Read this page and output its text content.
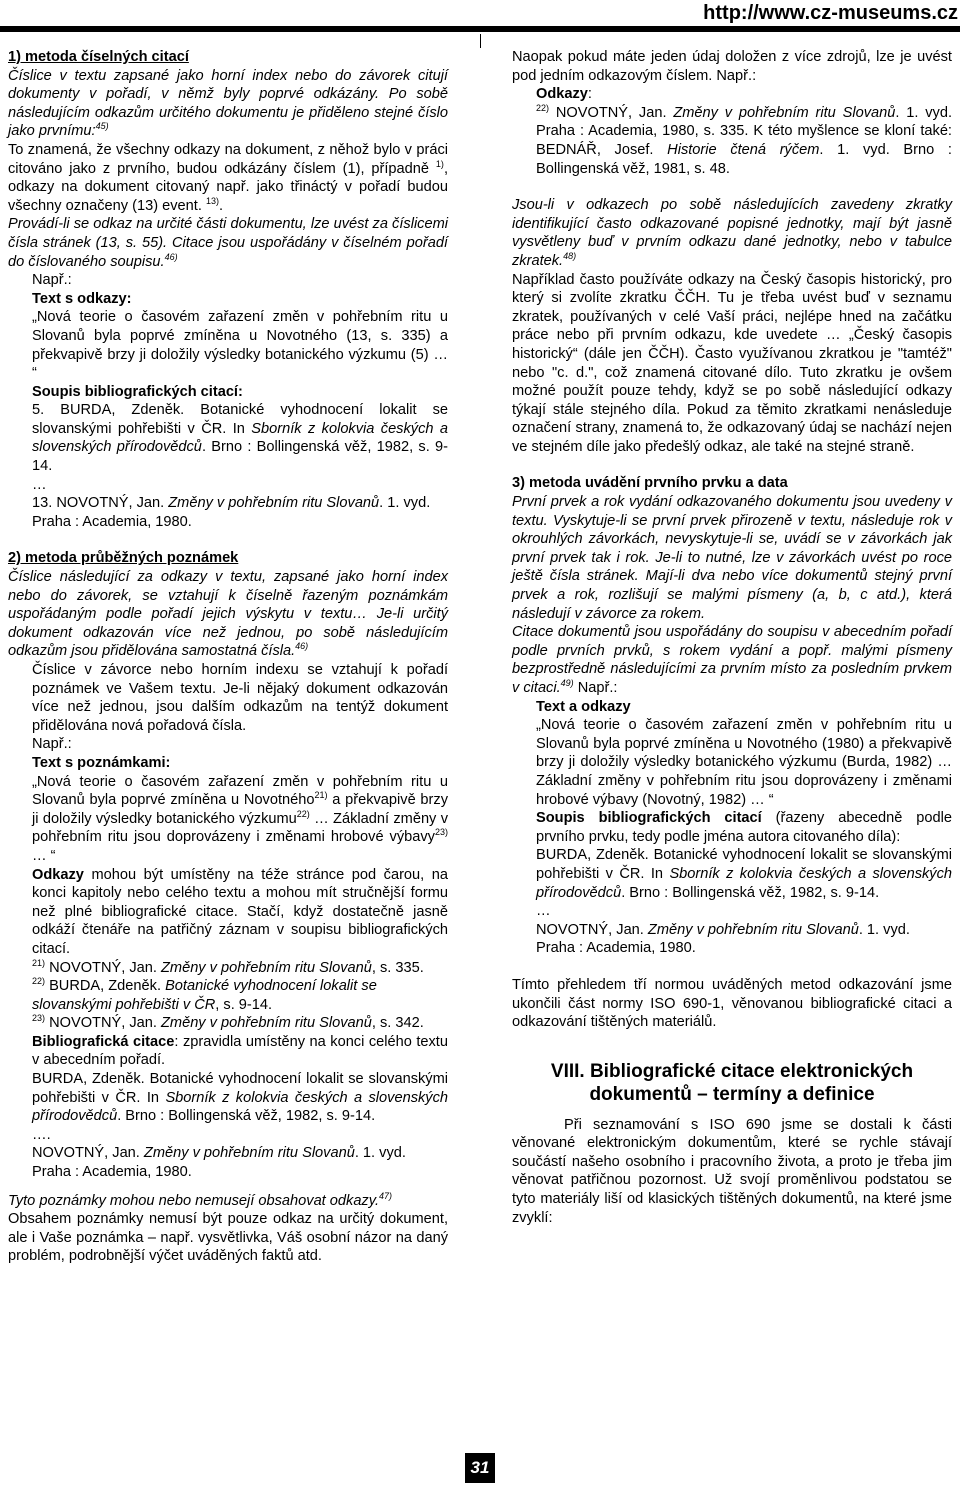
http://www.cz-museums.cz

1) metoda číselných citací

Číslice v textu zapsané jako horní index nebo do závorek citují dokumenty v pořadí, v němž byly poprvé odkázány. Po sobě následujícím odkazům určitého dokumentu je přiděleno stejné číslo jako prvnímu:$^{45)}$

To znamená, že všechny odkazy na dokument, z něhož bylo v práci citováno jako z prvního, budou odkázány číslem (1), případně $^{1)}$, odkazy na dokument citovaný např. jako třináctý v pořadí budou všechny označeny (13) event. $^{13)}$.

Provádí-li se odkaz na určité části dokumentu, lze uvést za číslicemi čísla stránek (13, s. 55). Citace jsou uspořádány v číselném pořadí do číslovaného soupisu.$^{46)}$

Např.:

Text s odkazy:

„Nová teorie o časovém zařazení změn v pohřebním ritu u Slovanů byla poprvé zmíněna u Novotného (13, s. 335) a překvapivě brzy ji doložily výsledky botanického výzkumu (5) … “

Soupis bibliografických citací:

5. BURDA, Zdeněk. Botanické vyhodnocení lokalit se slovanskými pohřebišti v ČR. In Sborník z kolokvia českých a slovenských přírodovědců. Brno : Bollingenská věž, 1982, s. 9-14.

…

13. NOVOTNÝ, Jan. Změny v pohřebním ritu Slovanů. 1. vyd. Praha : Academia, 1980.

2) metoda průběžných poznámek

Číslice následující za odkazy v textu, zapsané jako horní index nebo do závorek, se vztahují k číselně řazeným poznámkám uspořádaným podle pořadí jejich výskytu v textu… Je-li určitý dokument odkazován více než jednou, po sobě následujícím odkazům jsou přidělována samostatná čísla.$^{46)}$

Číslice v závorce nebo horním indexu se vztahují k pořadí poznámek ve Vašem textu. Je-li nějaký dokument odkazován více než jednou, jsou dalším odkazům na tentýž dokument přidělována nová pořadová čísla.

Např.:

Text s poznámkami:

„Nová teorie o časovém zařazení změn v pohřebním ritu u Slovanů byla poprvé zmíněna u Novotného$^{21)}$ a překvapivě brzy ji doložily výsledky botanického výzkumu$^{22)}$ … Základní změny v pohřebním ritu jsou doprovázeny i změnami hrobové výbavy$^{23)}$ … “

Odkazy mohou být umístěny na téže stránce pod čarou, na konci kapitoly nebo celého textu a mohou mít stručnější formu než plné bibliografické citace. Stačí, když dostatečně jasně odkáží čtenáře na patřičný záznam v soupisu bibliografických citací.

$^{21)}$ NOVOTNÝ, Jan. Změny v pohřebním ritu Slovanů, s. 335.

$^{22)}$ BURDA, Zdeněk. Botanické vyhodnocení lokalit se slovanskými pohřebišti v ČR, s. 9-14.

$^{23)}$ NOVOTNÝ, Jan. Změny v pohřebním ritu Slovanů, s. 342.

Bibliografická citace: zpravidla umístěny na konci celého textu v abecedním pořadí.

BURDA, Zdeněk. Botanické vyhodnocení lokalit se slovanskými pohřebišti v ČR. In Sborník z kolokvia českých a slovenských přírodovědců. Brno : Bollingenská věž, 1982, s. 9-14.

….

NOVOTNÝ, Jan. Změny v pohřebním ritu Slovanů. 1. vyd. Praha : Academia, 1980.

Tyto poznámky mohou nebo nemusejí obsahovat odkazy.$^{47)}$

Obsahem poznámky nemusí být pouze odkaz na určitý dokument, ale i Vaše poznámka – např. vysvětlivka, Váš osobní názor na daný problém, podrobnější výčet uváděných faktů atd.

Naopak pokud máte jeden údaj doložen z více zdrojů, lze je uvést pod jedním odkazovým číslem. Např.:

Odkazy:

$^{22)}$ NOVOTNÝ, Jan. Změny v pohřebním ritu Slovanů. 1. vyd. Praha : Academia, 1980, s. 335. K této myšlence se kloní také: BEDNÁŘ, Josef. Historie čtená rýčem. 1. vyd. Brno : Bollingenská věž, 1981, s. 48.

Jsou-li v odkazech po sobě následujících zavedeny zkratky identifikující často odkazované popisné jednotky, mají být jasně vysvětleny buď v prvním odkazu dané jednotky, nebo v tabulce zkratek.$^{48)}$

Například často používáte odkazy na Český časopis historický, pro který si zvolíte zkratku ČČH. Tu je třeba uvést buď v seznamu zkratek, používaných v celé Vaší práci, nejlépe hned na začátku práce nebo při prvním odkazu, kde uvedete … „Český časopis historický“ (dále jen ČČH). Často využívanou zkratkou je "tamtéž" nebo "c. d.", což znamená citované dílo. Tuto zkratku je ovšem možné použít pouze tehdy, když se po sobě následující odkazy týkají stále stejného díla. Pokud za těmito zkratkami nenásleduje označení strany, znamená to, že odkazovaný údaj se nachází nejen ve stejném díle jako předešlý odkaz, ale také na stejné straně.

3) metoda uvádění prvního prvku a data

První prvek a rok vydání odkazovaného dokumentu jsou uvedeny v textu. Vyskytuje-li se první prvek přirozeně v textu, následuje rok v okrouhlých závorkách, nevyskytuje-li se, uvádí se v závorkách jak první prvek tak i rok. Je-li to nutné, lze v závorkách uvést po roce ještě čísla stránek. Mají-li dva nebo více dokumentů stejný první prvek a rok, rozlišují se malými písmeny (a, b, c atd.), která následují v závorce za rokem.

Citace dokumentů jsou uspořádány do soupisu v abecedním pořadí podle prvních prvků, s rokem vydání a popř. malými písmeny bezprostředně následujícími za prvním místo za posledním prvkem v citaci.$^{49)}$ Např.:

Text a odkazy

„Nová teorie o časovém zařazení změn v pohřebním ritu u Slovanů byla poprvé zmíněna u Novotného (1980) a překvapivě brzy ji doložily výsledky botanického výzkumu (Burda, 1982) … Základní změny v pohřebním ritu jsou doprovázeny i změnami hrobové výbavy (Novotný, 1982) … “

Soupis bibliografických citací (řazeny abecedně podle prvního prvku, tedy podle jména autora citovaného díla):

BURDA, Zdeněk. Botanické vyhodnocení lokalit se slovanskými pohřebišti v ČR. In Sborník z kolokvia českých a slovenských přírodovědců. Brno : Bollingenská věž, 1982, s. 9-14.

…

NOVOTNÝ, Jan. Změny v pohřebním ritu Slovanů. 1. vyd. Praha : Academia, 1980.

Tímto přehledem tří normou uváděných metod odkazování jsme ukončili část normy ISO 690-1, věnovanou bibliografické citaci a odkazování tištěných materiálů.

VIII. Bibliografické citace elektronických dokumentů – termíny a definice

Při seznamování s ISO 690 jsme se dostali k části věnované elektronickým dokumentům, které se rychle stávají součástí našeho osobního i pracovního života, a proto je třeba jim věnovat patřičnou pozornost. Už svojí proměnlivou podstatou se tyto materiály liší od klasických tištěných dokumentů, na které jsme zvyklí:

31
